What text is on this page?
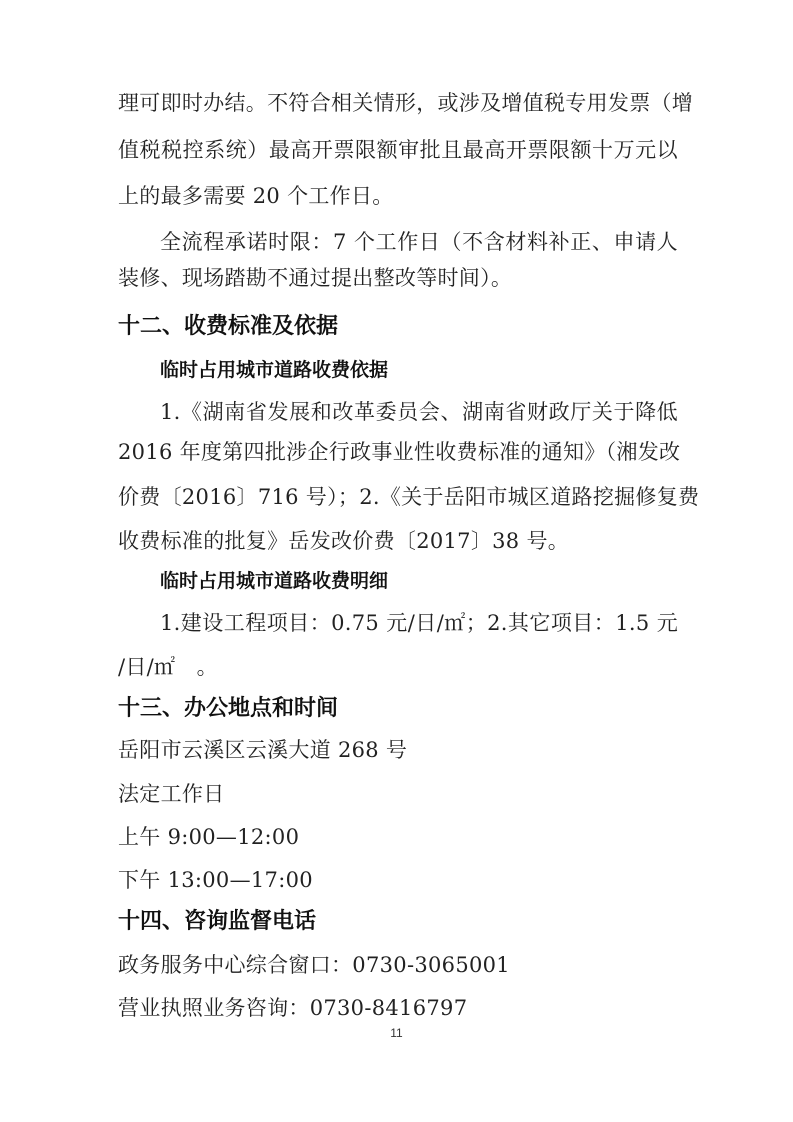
理可即时办结。不符合相关情形，或涉及增值税专用发票（增
值税税控系统）最高开票限额审批且最高开票限额十万元以
上的最多需要 20 个工作日。
全流程承诺时限：7 个工作日（不含材料补正、申请人
装修、现场踏勘不通过提出整改等时间）。
十二、收费标准及依据
临时占用城市道路收费依据
1.《湖南省发展和改革委员会、湖南省财政厅关于降低
2016 年度第四批涉企行政事业性收费标准的通知》（湘发改
价费〔2016〕716 号）；2.《关于岳阳市城区道路挖掘修复费
收费标准的批复》岳发改价费〔2017〕38 号。
临时占用城市道路收费明细
1.建设工程项目：0.75 元/日/㎡；2.其它项目：1.5 元
/日/㎡　。
十三、办公地点和时间
岳阳市云溪区云溪大道 268 号
法定工作日
上午 9:00—12:00
下午 13:00—17:00
十四、咨询监督电话
政务服务中心综合窗口：0730-3065001
营业执照业务咨询：0730-8416797
11
